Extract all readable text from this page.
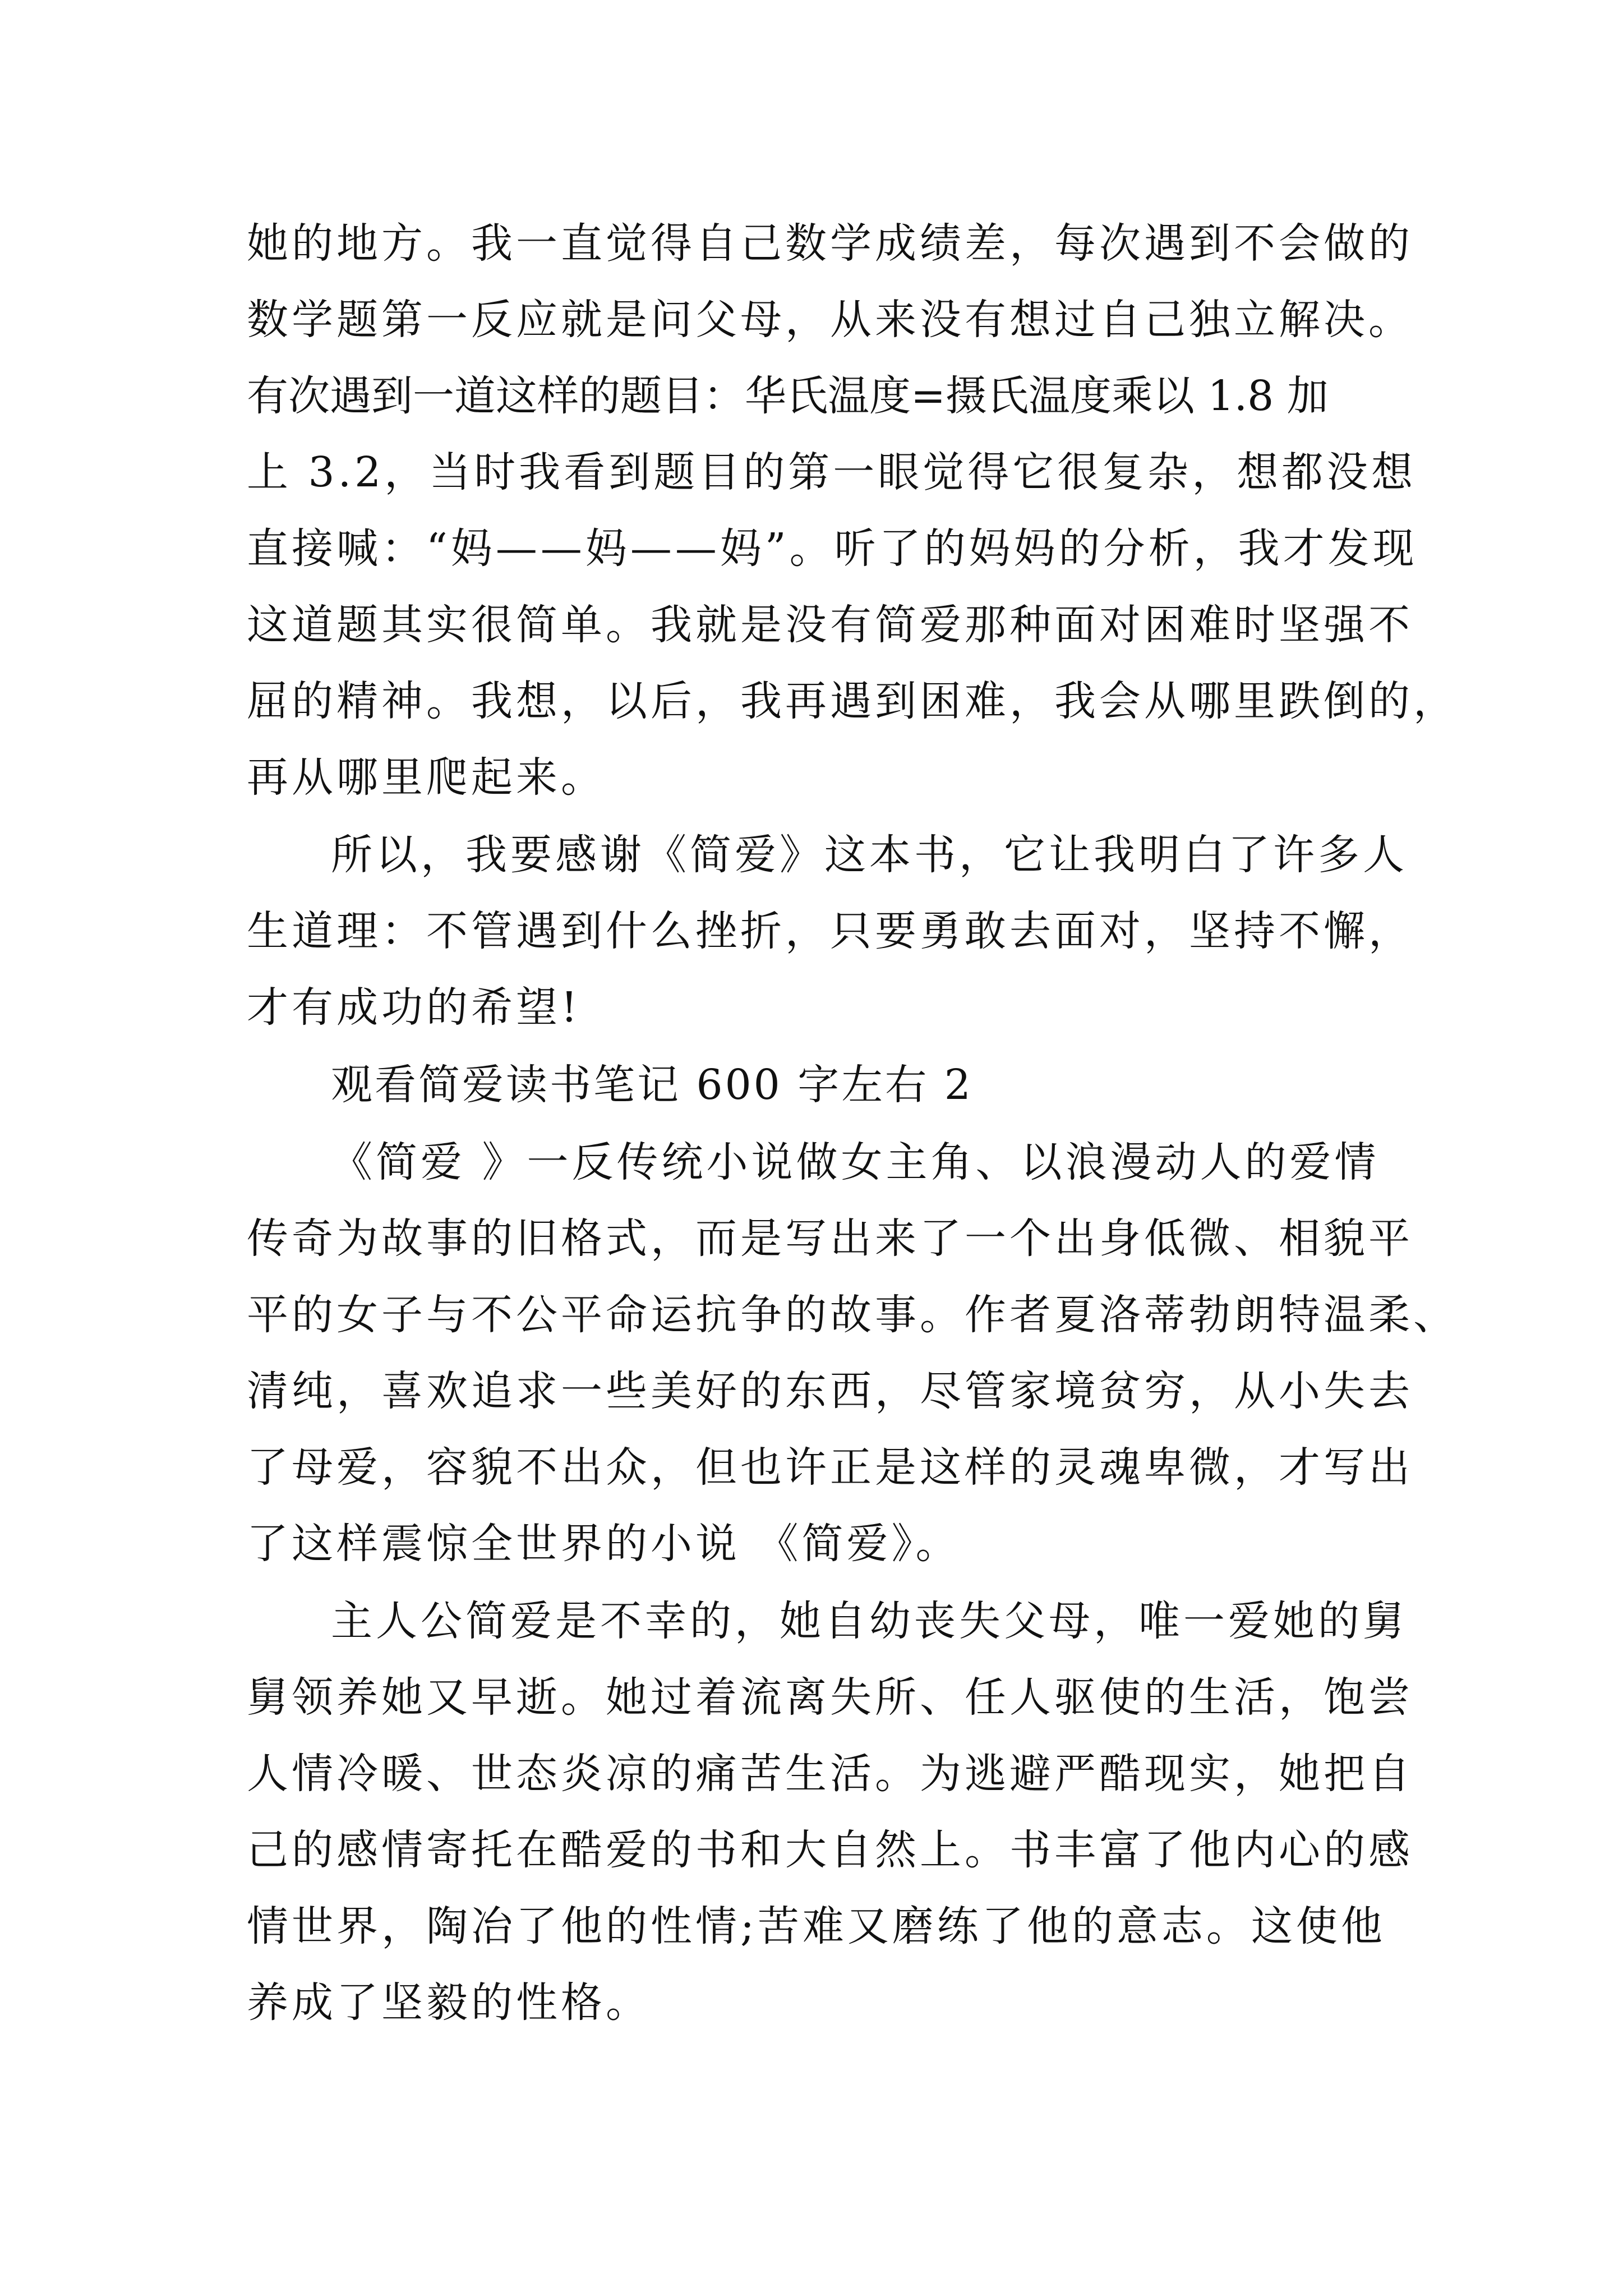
她的地方。我一直觉得自己数学成绩差，每次遇到不会做的

数学题第一反应就是问父母，从来没有想过自己独立解决。

有次遇到一道这样的题目：华氏温度=摄氏温度乘以 1.8 加

上 3.2，当时我看到题目的第一眼觉得它很复杂，想都没想

直接喊：“妈——妈——妈”。听了的妈妈的分析，我才发现

这道题其实很简单。我就是没有简爱那种面对困难时坚强不

屈的精神。我想，以后，我再遇到困难，我会从哪里跌倒的，

再从哪里爬起来。

所以，我要感谢《简爱》这本书，它让我明白了许多人

生道理：不管遇到什么挫折，只要勇敢去面对，坚持不懈，

才有成功的希望!

观看简爱读书笔记 600 字左右 2

《简爱 》一反传统小说做女主角、以浪漫动人的爱情

传奇为故事的旧格式，而是写出来了一个出身低微、相貌平

平的女子与不公平命运抗争的故事。作者夏洛蒂勃朗特温柔、

清纯，喜欢追求一些美好的东西，尽管家境贫穷，从小失去

了母爱，容貌不出众，但也许正是这样的灵魂卑微，才写出

了这样震惊全世界的小说 《简爱》。

主人公简爱是不幸的，她自幼丧失父母，唯一爱她的舅

舅领养她又早逝。她过着流离失所、任人驱使的生活，饱尝

人情冷暖、世态炎凉的痛苦生活。为逃避严酷现实，她把自

己的感情寄托在酷爱的书和大自然上。书丰富了他内心的感

情世界，陶冶了他的性情;苦难又磨练了他的意志。这使他

养成了坚毅的性格。
